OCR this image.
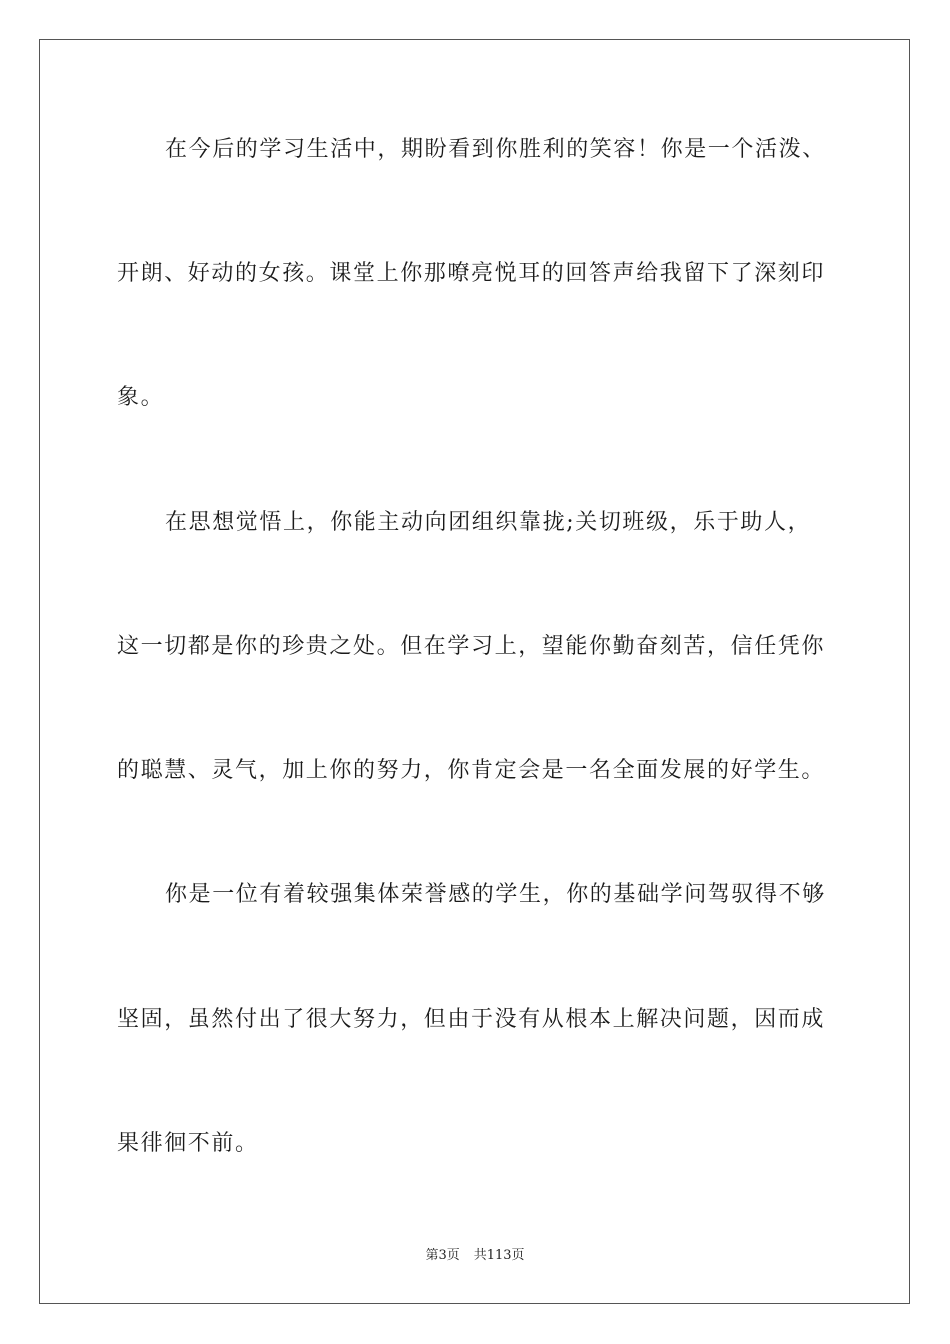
在今后的学习生活中，期盼看到你胜利的笑容！你是一个活泼、
开朗、好动的女孩。课堂上你那嘹亮悦耳的回答声给我留下了深刻印
象。
在思想觉悟上，你能主动向团组织靠拢;关切班级，乐于助人，
这一切都是你的珍贵之处。但在学习上，望能你勤奋刻苦，信任凭你
的聪慧、灵气，加上你的努力，你肯定会是一名全面发展的好学生。
你是一位有着较强集体荣誉感的学生，你的基础学问驾驭得不够
坚固，虽然付出了很大努力，但由于没有从根本上解决问题，因而成
果徘徊不前。
第3页 共113页
